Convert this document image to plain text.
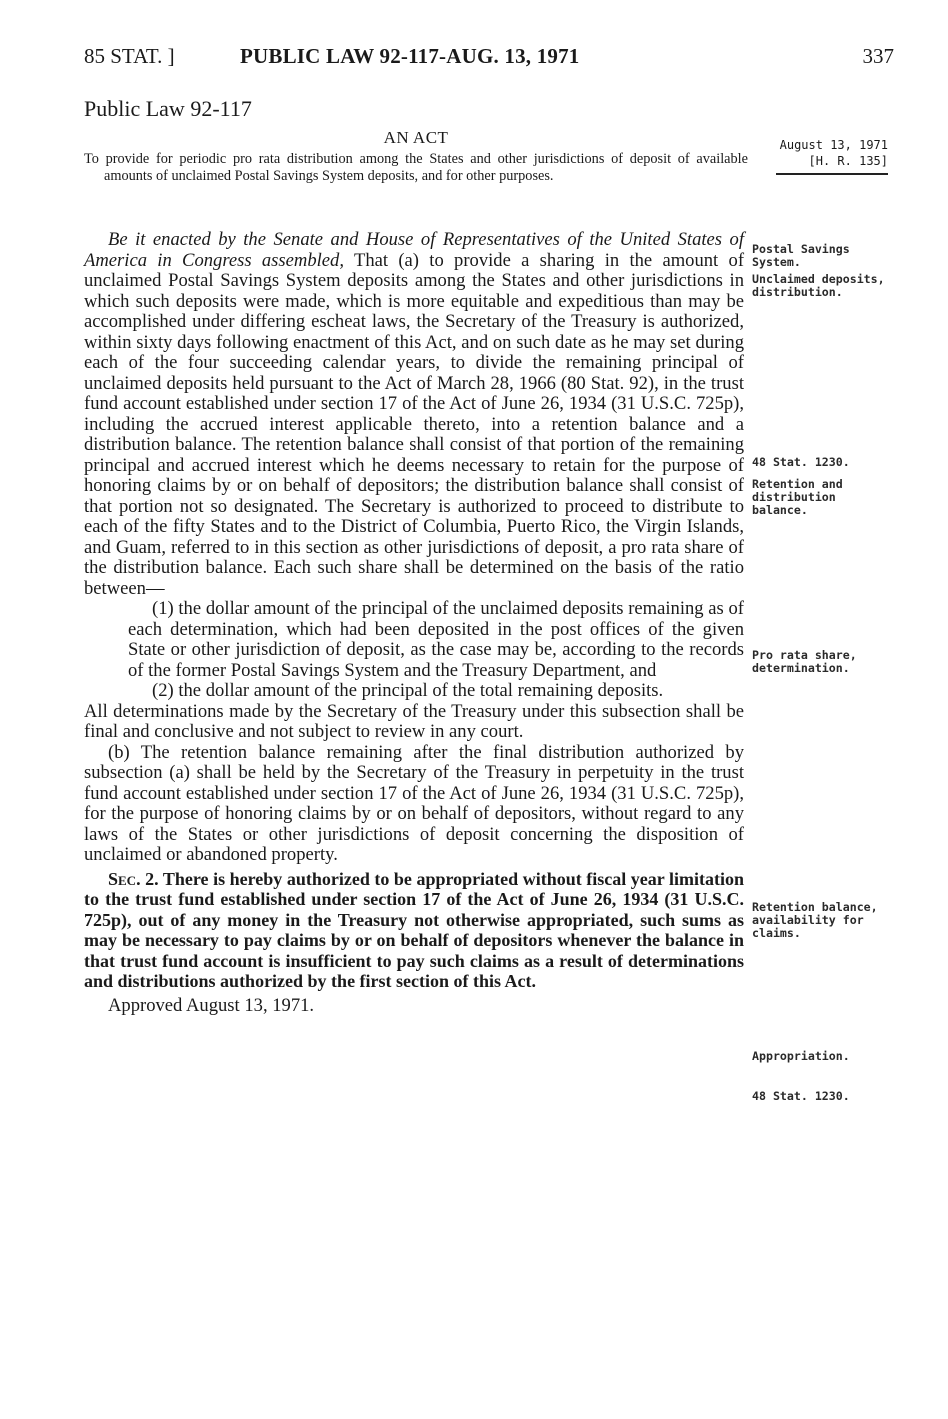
85 STAT. ]	PUBLIC LAW 92-117-AUG. 13, 1971	337
Public Law 92-117
AN ACT

To provide for periodic pro rata distribution among the States and other jurisdictions of deposit of available amounts of unclaimed Postal Savings System deposits, and for other purposes.

August 13, 1971
[H. R. 135]

Be it enacted by the Senate and House of Representatives of the United States of America in Congress assembled, That (a) to provide a sharing in the amount of unclaimed Postal Savings System deposits among the States and other jurisdictions in which such deposits were made, which is more equitable and expeditious than may be accomplished under differing escheat laws, the Secretary of the Treasury is authorized, within sixty days following enactment of this Act, and on such date as he may set during each of the four succeeding calendar years, to divide the remaining principal of unclaimed deposits held pursuant to the Act of March 28, 1966 (80 Stat. 92), in the trust fund account established under section 17 of the Act of June 26, 1934 (31 U.S.C. 725p), including the accrued interest applicable thereto, into a retention balance and a distribution balance. The retention balance shall consist of that portion of the remaining principal and accrued interest which he deems necessary to retain for the purpose of honoring claims by or on behalf of depositors; the distribution balance shall consist of that portion not so designated. The Secretary is authorized to proceed to distribute to each of the fifty States and to the District of Columbia, Puerto Rico, the Virgin Islands, and Guam, referred to in this section as other jurisdictions of deposit, a pro rata share of the distribution balance. Each such share shall be determined on the basis of the ratio between—

(1) the dollar amount of the principal of the unclaimed deposits remaining as of each determination, which had been deposited in the post offices of the given State or other jurisdiction of deposit, as the case may be, according to the records of the former Postal Savings System and the Treasury Department, and

(2) the dollar amount of the principal of the total remaining deposits.

All determinations made by the Secretary of the Treasury under this subsection shall be final and conclusive and not subject to review in any court.

(b) The retention balance remaining after the final distribution authorized by subsection (a) shall be held by the Secretary of the Treasury in perpetuity in the trust fund account established under section 17 of the Act of June 26, 1934 (31 U.S.C. 725p), for the purpose of honoring claims by or on behalf of depositors, without regard to any laws of the States or other jurisdictions of deposit concerning the disposition of unclaimed or abandoned property.

Sec. 2. There is hereby authorized to be appropriated without fiscal year limitation to the trust fund established under section 17 of the Act of June 26, 1934 (31 U.S.C. 725p), out of any money in the Treasury not otherwise appropriated, such sums as may be necessary to pay claims by or on behalf of depositors whenever the balance in that trust fund account is insufficient to pay such claims as a result of determinations and distributions authorized by the first section of this Act.

Approved August 13, 1971.

Postal Savings System.
Unclaimed deposits, distribution.
48 Stat. 1230.
Retention and distribution balance.
Pro rata share, determination.
Retention balance, availability for claims.
Appropriation.
48 Stat. 1230.
